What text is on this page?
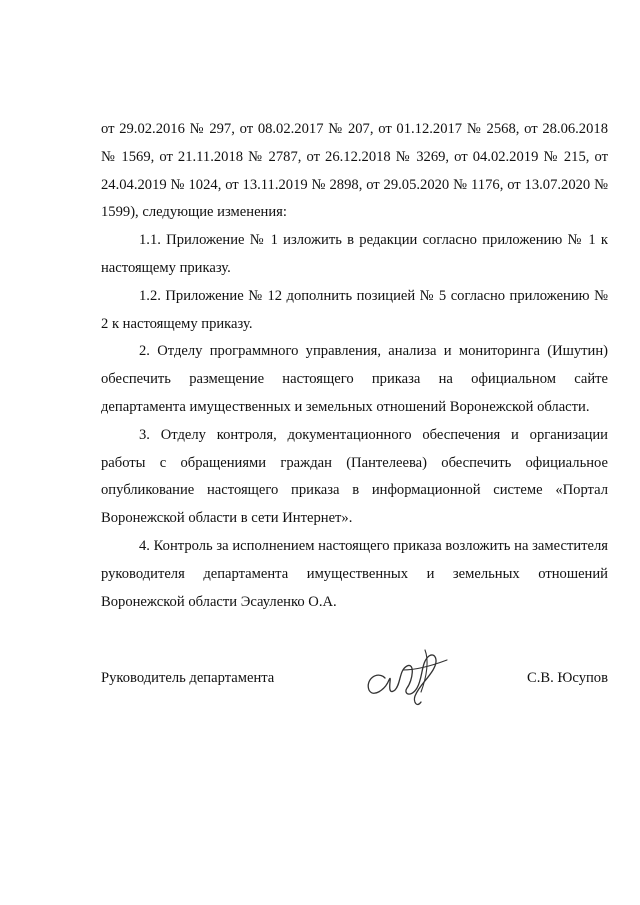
от 29.02.2016 № 297, от 08.02.2017 № 207, от 01.12.2017 № 2568, от 28.06.2018 № 1569, от 21.11.2018 № 2787, от 26.12.2018 № 3269, от 04.02.2019 № 215, от 24.04.2019 № 1024, от 13.11.2019 № 2898, от 29.05.2020 № 1176, от 13.07.2020 № 1599), следующие изменения:

1.1. Приложение № 1 изложить в редакции согласно приложению № 1 к настоящему приказу.

1.2. Приложение № 12 дополнить позицией № 5 согласно приложению № 2 к настоящему приказу.

2. Отделу программного управления, анализа и мониторинга (Ишутин) обеспечить размещение настоящего приказа на официальном сайте департамента имущественных и земельных отношений Воронежской области.

3. Отделу контроля, документационного обеспечения и организации работы с обращениями граждан (Пантелеева) обеспечить официальное опубликование настоящего приказа в информационной системе «Портал Воронежской области в сети Интернет».

4. Контроль за исполнением настоящего приказа возложить на заместителя руководителя департамента имущественных и земельных отношений Воронежской области Эсауленко О.А.

Руководитель департамента	С.В. Юсупов
